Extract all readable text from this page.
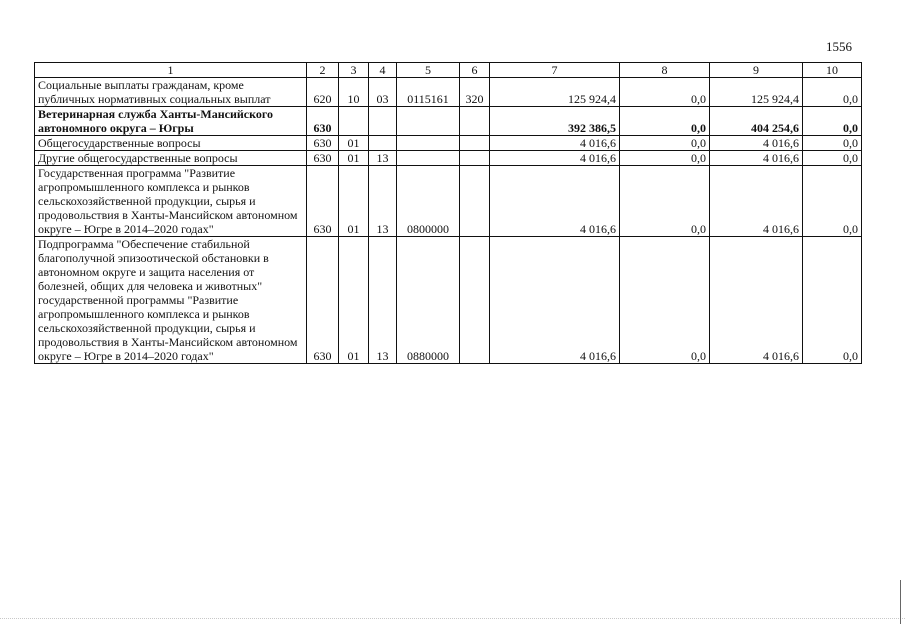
1556
1	2	3	4	5	6	7	8	9	10
Социальные выплаты гражданам, кроме публичных нормативных социальных выплат	620	10	03	0115161	320	125 924,4	0,0	125 924,4	0,0
Ветеринарная служба Ханты-Мансийского автономного округа – Югры	630					392 386,5	0,0	404 254,6	0,0
Общегосударственные вопросы	630	01				4 016,6	0,0	4 016,6	0,0
Другие общегосударственные вопросы	630	01	13			4 016,6	0,0	4 016,6	0,0
Государственная программа "Развитие агропромышленного комплекса и рынков сельскохозяйственной продукции, сырья и продовольствия в Ханты-Мансийском автономном округе – Югре в 2014–2020 годах"	630	01	13	0800000		4 016,6	0,0	4 016,6	0,0
Подпрограмма "Обеспечение стабильной благополучной эпизоотической обстановки в автономном округе и защита населения от болезней, общих для человека и животных" государственной программы "Развитие агропромышленного комплекса и рынков сельскохозяйственной продукции, сырья и продовольствия в Ханты-Мансийском автономном округе – Югре в 2014–2020 годах"	630	01	13	0880000		4 016,6	0,0	4 016,6	0,0
